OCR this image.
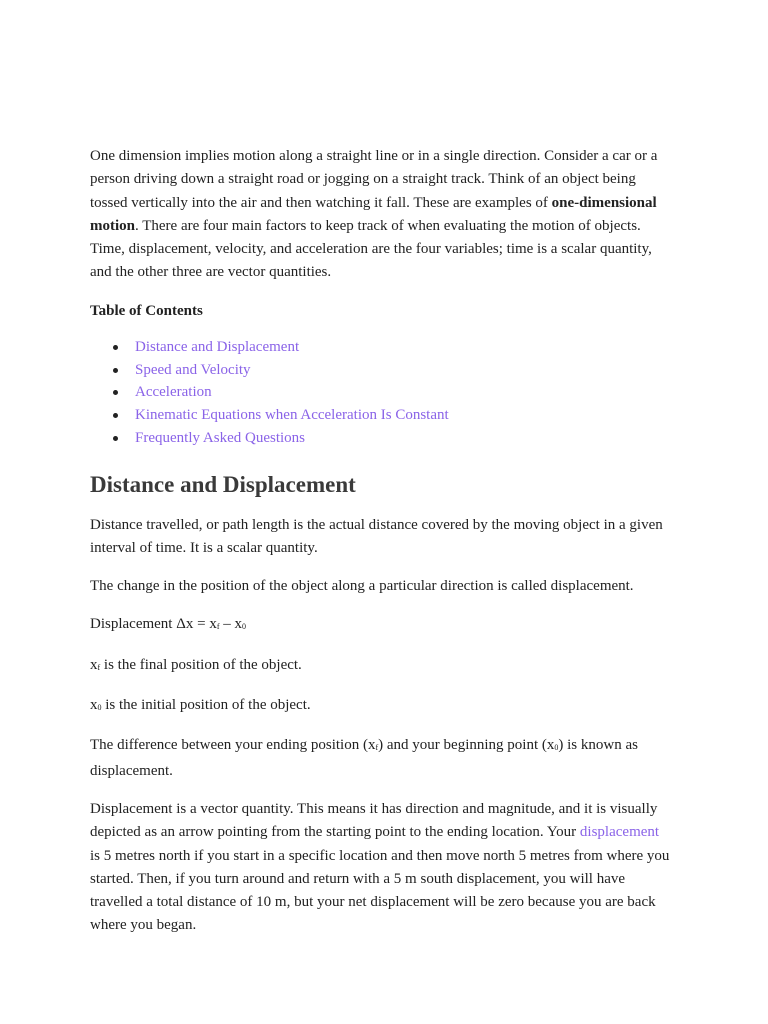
One dimension implies motion along a straight line or in a single direction. Consider a car or a person driving down a straight road or jogging on a straight track. Think of an object being tossed vertically into the air and then watching it fall. These are examples of one-dimensional motion. There are four main factors to keep track of when evaluating the motion of objects. Time, displacement, velocity, and acceleration are the four variables; time is a scalar quantity, and the other three are vector quantities.

Table of Contents

Distance and Displacement
Speed and Velocity
Acceleration
Kinematic Equations when Acceleration Is Constant
Frequently Asked Questions
Distance and Displacement

Distance travelled, or path length is the actual distance covered by the moving object in a given interval of time. It is a scalar quantity.

The change in the position of the object along a particular direction is called displacement.

Displacement Δx = xf – x0

xf is the final position of the object.

x0 is the initial position of the object.

The difference between your ending position (xf) and your beginning point (x0) is known as displacement.

Displacement is a vector quantity. This means it has direction and magnitude, and it is visually depicted as an arrow pointing from the starting point to the ending location. Your displacement is 5 metres north if you start in a specific location and then move north 5 metres from where you started. Then, if you turn around and return with a 5 m south displacement, you will have travelled a total distance of 10 m, but your net displacement will be zero because you are back where you began.
